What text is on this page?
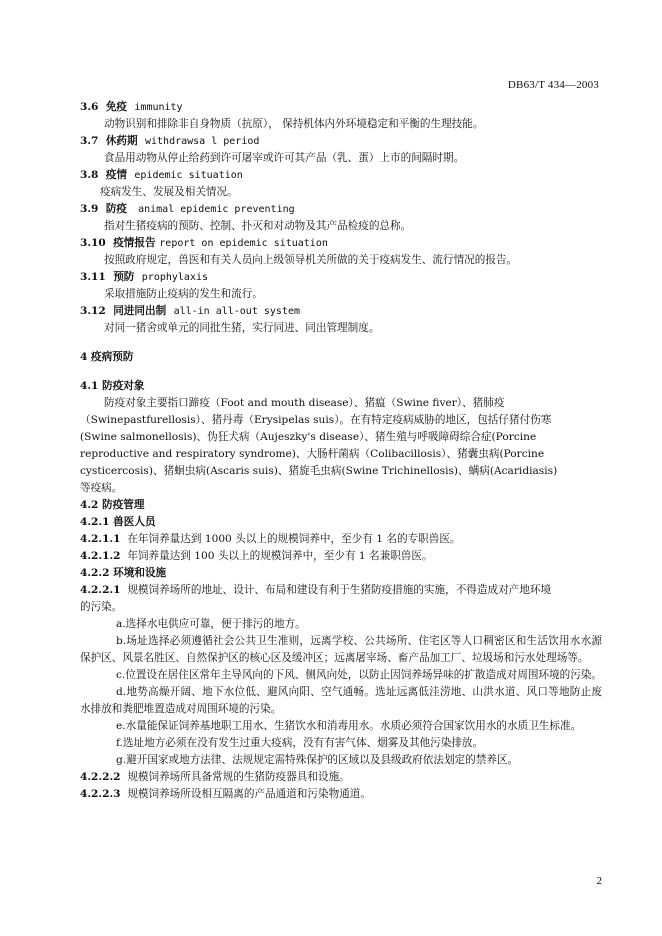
DB63/T 434—2003
3.6 免疫 immunity
动物识别和排除非自身物质（抗原）， 保持机体内外环境稳定和平衡的生理技能。
3.7 休药期 withdrawsa l period
食品用动物从停止给药到许可屠宰或许可其产品（乳、蛋）上市的间隔时期。
3.8 疫情 epidemic situation
疫病发生、发展及相关情况。
3.9 防疫 animal epidemic preventing
指对生猪疫病的预防、控制、扑灭和对动物及其产品检疫的总称。
3.10 疫情报告 report on epidemic situation
按照政府规定，兽医和有关人员向上级领导机关所做的关于疫病发生、流行情况的报告。
3.11 预防 prophylaxis
采取措施防止疫病的发生和流行。
3.12 同进同出制 all-in all-out system
对同一猪舍或单元的同批生猪，实行同进、同出管理制度。
4 疫病预防
4.1 防疫对象
防疫对象主要指口蹄疫（Foot and mouth disease）、猪瘟（Swine fiver）、猪肺疫
（Swinepastfurellosis）、猪丹毒（Erysipelas suis）。在有特定疫病威胁的地区，包括仔猪付伤寒
(Swine salmonellosis)、伪狂犬病（Aujeszky's disease）、猪生殖与呼吸障碍综合症(Porcine
reproductive and respiratory syndrome)、大肠杆菌病（Colibacillosis）、猪囊虫病(Porcine
cysticercosis)、猪蛔虫病(Ascaris suis)、猪旋毛虫病(Swine Trichinellosis)、螨病(Acaridiasis)
等疫病。
4.2 防疫管理
4.2.1 兽医人员
4.2.1.1 在年饲养量达到 1000 头以上的规模饲养中，至少有 1 名的专职兽医。
4.2.1.2 年饲养量达到 100 头以上的规模饲养中，至少有 1 名兼职兽医。
4.2.2 环境和设施
4.2.2.1 规模饲养场所的地址、设计、布局和建设有利于生猪防疫措施的实施，不得造成对产地环境
的污染。
a.选择水电供应可靠，便于排污的地方。
b.场址选择必须遵循社会公共卫生准则，远离学校、公共场所、住宅区等人口稠密区和生活饮用水水源保护区、风景名胜区、自然保护区的核心区及缓冲区；远离屠宰场、畜产品加工厂、垃圾场和污水处理场等。
c.位置设在居住区常年主导风向的下风、侧风向处，以防止因饲养场异味的扩散造成对周围环境的污染。
d.地势高燥开阔、地下水位低、避风向阳、空气通畅。选址远离低洼涝地、山洪水道、风口等地防止废水排放和粪肥堆置造成对周围环境的污染。
e.水量能保证饲养基地职工用水、生猪饮水和消毒用水。水质必须符合国家饮用水的水质卫生标准。
f.选址地方必须在没有发生过重大疫病，没有有害气体、烟雾及其他污染排放。
g.避开国家或地方法律、法规规定需特殊保护的区域以及县级政府依法划定的禁养区。
4.2.2.2 规模饲养场所具备常规的生猪防疫器具和设施。
4.2.2.3 规模饲养场所设相互隔离的产品通道和污染物通道。
2
